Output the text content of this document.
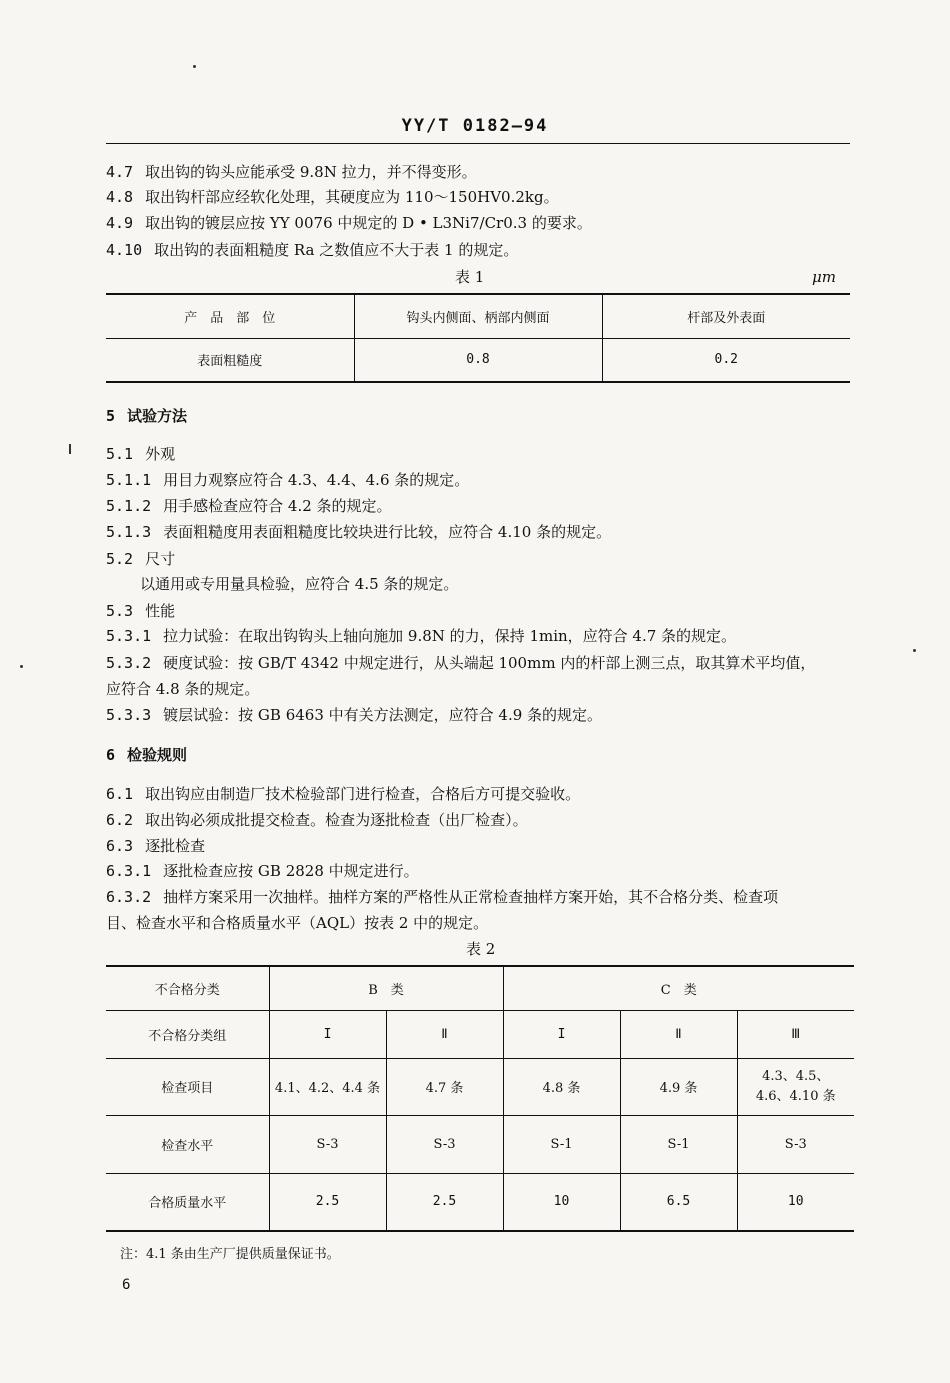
YY/T 0182—94
4.7 取出钩的钩头应能承受 9.8N 拉力，并不得变形。
4.8 取出钩杆部应经软化处理，其硬度应为 110～150HV0.2kg。
4.9 取出钩的镀层应按 YY 0076 中规定的 D • L3Ni7/Cr0.3 的要求。
4.10 取出钩的表面粗糙度 Ra 之数值应不大于表 1 的规定。
表 1	μm
产　品　部　位	钩头内侧面、柄部内侧面	杆部及外表面
表面粗糙度	0.8	0.2
5 试验方法
5.1 外观
5.1.1 用目力观察应符合 4.3、4.4、4.6 条的规定。
5.1.2 用手感检查应符合 4.2 条的规定。
5.1.3 表面粗糙度用表面粗糙度比较块进行比较，应符合 4.10 条的规定。
5.2 尺寸
以通用或专用量具检验，应符合 4.5 条的规定。
5.3 性能
5.3.1 拉力试验：在取出钩钩头上轴向施加 9.8N 的力，保持 1min，应符合 4.7 条的规定。
5.3.2 硬度试验：按 GB/T 4342 中规定进行，从头端起 100mm 内的杆部上测三点，取其算术平均值，
应符合 4.8 条的规定。
5.3.3 镀层试验：按 GB 6463 中有关方法测定，应符合 4.9 条的规定。
6 检验规则
6.1 取出钩应由制造厂技术检验部门进行检查，合格后方可提交验收。
6.2 取出钩必须成批提交检查。检查为逐批检查（出厂检查）。
6.3 逐批检查
6.3.1 逐批检查应按 GB 2828 中规定进行。
6.3.2 抽样方案采用一次抽样。抽样方案的严格性从正常检查抽样方案开始，其不合格分类、检查项
目、检查水平和合格质量水平（AQL）按表 2 中的规定。
表 2
不合格分类	B　类		C　类		
不合格分类组	I	Ⅱ	I	Ⅱ	Ⅲ
检查项目	4.1、4.2、4.4 条	4.7 条	4.8 条	4.9 条	4.3、4.5、
4.6、4.10 条

检查水平	S-3	S-3	S-1	S-1	S-3
合格质量水平	2.5	2.5	10	6.5	10
注：4.1 条由生产厂提供质量保证书。
6
